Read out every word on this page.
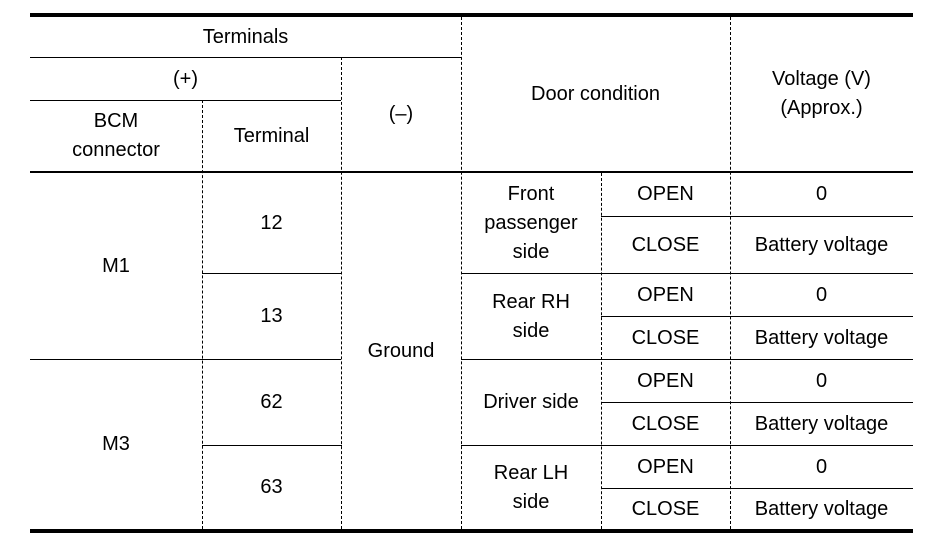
Terminals
(+)
BCM
connector
Terminal
(–)
Door condition
Voltage (V)
(Approx.)
M1
M3
12
13
62
63
Ground
Front
passenger
side
Rear RH
side
Driver side
Rear LH
side
OPEN
CLOSE
OPEN
CLOSE
OPEN
CLOSE
OPEN
CLOSE
0
Battery voltage
0
Battery voltage
0
Battery voltage
0
Battery voltage
